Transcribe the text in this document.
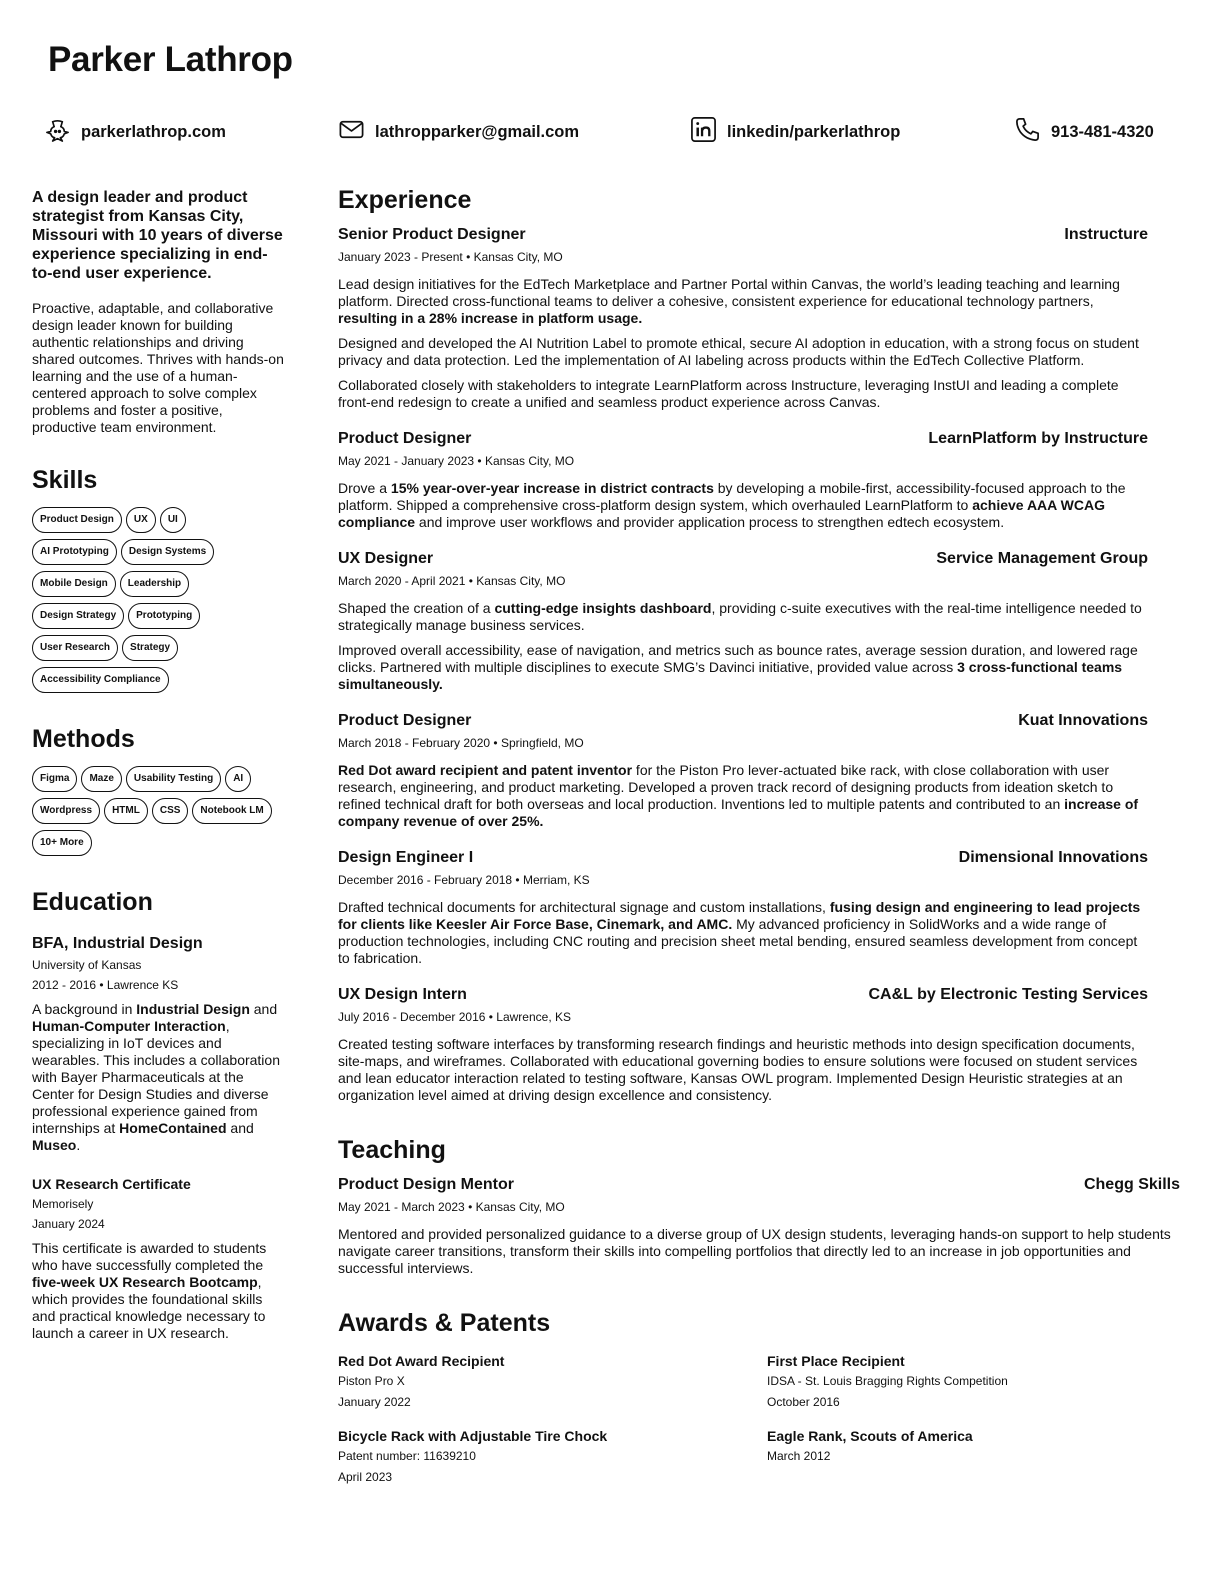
Parker Lathrop
parkerlathrop.com	lathropparker@gmail.com	linkedin/parkerlathrop	913-481-4320

A design leader and product strategist from Kansas City, Missouri with 10 years of diverse experience specializing in end-to-end user experience.

Proactive, adaptable, and collaborative design leader known for building authentic relationships and driving shared outcomes. Thrives with hands-on learning and the use of a human-centered approach to solve complex problems and foster a positive, productive team environment.

Skills
Product Design	UX	UI
AI Prototyping	Design Systems
Mobile Design	Leadership
Design Strategy	Prototyping
User Research	Strategy
Accessibility Compliance
Methods
Figma	Maze	Usability Testing	AI
Wordpress	HTML	CSS	Notebook LM
10+ More
Education
BFA, Industrial Design
University of Kansas
2012 - 2016 • Lawrence KS

A background in Industrial Design and Human-Computer Interaction, specializing in IoT devices and wearables. This includes a collaboration with Bayer Pharmaceuticals at the Center for Design Studies and diverse professional experience gained from internships at HomeContained and Museo.

UX Research Certificate
Memorisely
January 2024

This certificate is awarded to students who have successfully completed the five-week UX Research Bootcamp, which provides the foundational skills and practical knowledge necessary to launch a career in UX research.

Experience
Senior Product Designer	Instructure
January 2023 - Present • Kansas City, MO

Lead design initiatives for the EdTech Marketplace and Partner Portal within Canvas, the world’s leading teaching and learning platform. Directed cross-functional teams to deliver a cohesive, consistent experience for educational technology partners, resulting in a 28% increase in platform usage.

Designed and developed the AI Nutrition Label to promote ethical, secure AI adoption in education, with a strong focus on student privacy and data protection. Led the implementation of AI labeling across products within the EdTech Collective Platform.

Collaborated closely with stakeholders to integrate LearnPlatform across Instructure, leveraging InstUI and leading a complete front-end redesign to create a unified and seamless product experience across Canvas.

Product Designer	LearnPlatform by Instructure
May 2021 - January 2023 • Kansas City, MO

Drove a 15% year-over-year increase in district contracts by developing a mobile-first, accessibility-focused approach to the platform. Shipped a comprehensive cross-platform design system, which overhauled LearnPlatform to achieve AAA WCAG compliance and improve user workflows and provider application process to strengthen edtech ecosystem.

UX Designer	Service Management Group
March 2020 - April 2021 • Kansas City, MO

Shaped the creation of a cutting-edge insights dashboard, providing c-suite executives with the real-time intelligence needed to strategically manage business services.

Improved overall accessibility, ease of navigation, and metrics such as bounce rates, average session duration, and lowered rage clicks. Partnered with multiple disciplines to execute SMG’s Davinci initiative, provided value across 3 cross-functional teams simultaneously.

Product Designer	Kuat Innovations
March 2018 - February 2020 • Springfield, MO

Red Dot award recipient and patent inventor for the Piston Pro lever-actuated bike rack, with close collaboration with user research, engineering, and product marketing. Developed a proven track record of designing products from ideation sketch to refined technical draft for both overseas and local production. Inventions led to multiple patents and contributed to an increase of company revenue of over 25%.

Design Engineer I	Dimensional Innovations
December 2016 - February 2018 • Merriam, KS

Drafted technical documents for architectural signage and custom installations, fusing design and engineering to lead projects for clients like Keesler Air Force Base, Cinemark, and AMC. My advanced proficiency in SolidWorks and a wide range of production technologies, including CNC routing and precision sheet metal bending, ensured seamless development from concept to fabrication.

UX Design Intern	CA&L by Electronic Testing Services
July 2016 - December 2016 • Lawrence, KS

Created testing software interfaces by transforming research findings and heuristic methods into design specification documents, site-maps, and wireframes. Collaborated with educational governing bodies to ensure solutions were focused on student services and lean educator interaction related to testing software, Kansas OWL program. Implemented Design Heuristic strategies at an organization level aimed at driving design excellence and consistency.

Teaching
Product Design Mentor	Chegg Skills
May 2021 - March 2023 • Kansas City, MO

Mentored and provided personalized guidance to a diverse group of UX design students, leveraging hands-on support to help students navigate career transitions, transform their skills into compelling portfolios that directly led to an increase in job opportunities and successful interviews.

Awards & Patents
Red Dot Award Recipient
Piston Pro X
January 2022
First Place Recipient
IDSA - St. Louis Bragging Rights Competition
October 2016
Bicycle Rack with Adjustable Tire Chock
Patent number: 11639210
April 2023
Eagle Rank, Scouts of America
March 2012
